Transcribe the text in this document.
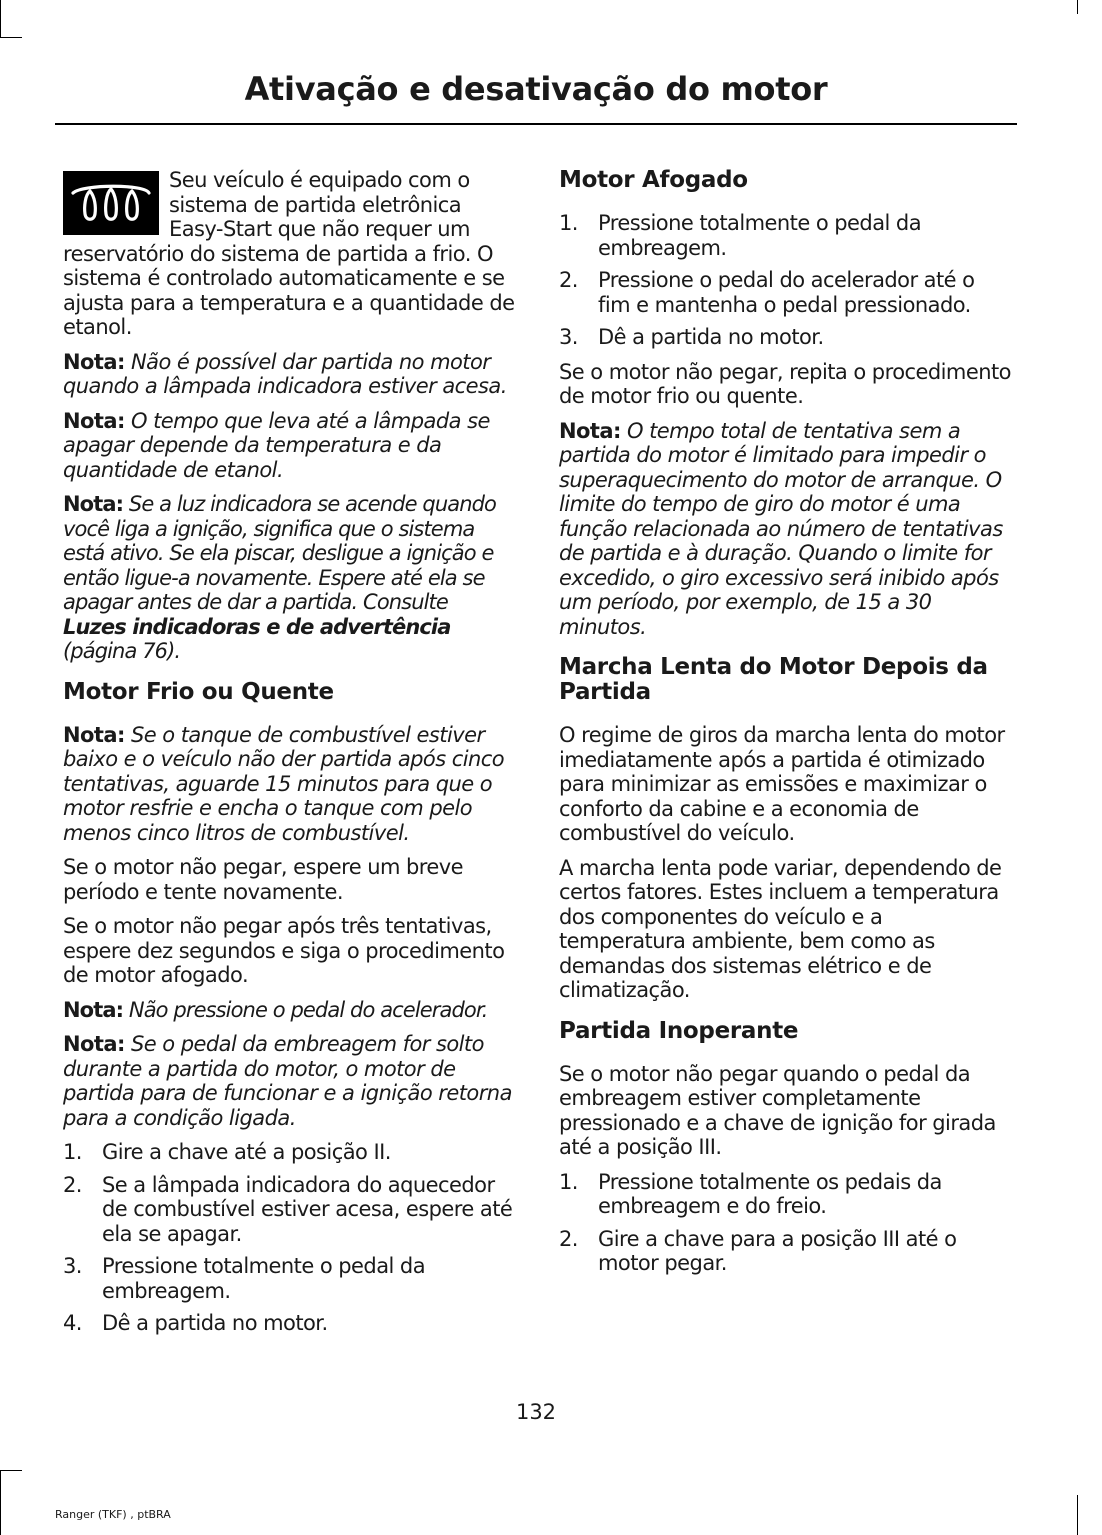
Ativação e desativação do motor

Seu veículo é equipado com o sistema de partida eletrônica Easy-Start que não requer um reservatório do sistema de partida a frio. O sistema é controlado automaticamente e se ajusta para a temperatura e a quantidade de etanol.

Nota: Não é possível dar partida no motor quando a lâmpada indicadora estiver acesa.

Nota: O tempo que leva até a lâmpada se apagar depende da temperatura e da quantidade de etanol.

Nota: Se a luz indicadora se acende quando você liga a ignição, significa que o sistema está ativo. Se ela piscar, desligue a ignição e então ligue-a novamente. Espere até ela se apagar antes de dar a partida. Consulte
Luzes indicadoras e de advertência
(página 76).

Motor Frio ou Quente

Nota: Se o tanque de combustível estiver baixo e o veículo não der partida após cinco tentativas, aguarde 15 minutos para que o motor resfrie e encha o tanque com pelo menos cinco litros de combustível.

Se o motor não pegar, espere um breve período e tente novamente.

Se o motor não pegar após três tentativas, espere dez segundos e siga o procedimento de motor afogado.

Nota: Não pressione o pedal do acelerador.

Nota: Se o pedal da embreagem for solto durante a partida do motor, o motor de partida para de funcionar e a ignição retorna para a condição ligada.

1. Gire a chave até a posição II.
2. Se a lâmpada indicadora do aquecedor de combustível estiver acesa, espere até ela se apagar.
3. Pressione totalmente o pedal da embreagem.
4. Dê a partida no motor.
Motor Afogado
1. Pressione totalmente o pedal da embreagem.
2. Pressione o pedal do acelerador até o fim e mantenha o pedal pressionado.
3. Dê a partida no motor.

Se o motor não pegar, repita o procedimento de motor frio ou quente.

Nota: O tempo total de tentativa sem a partida do motor é limitado para impedir o superaquecimento do motor de arranque. O limite do tempo de giro do motor é uma função relacionada ao número de tentativas de partida e à duração. Quando o limite for excedido, o giro excessivo será inibido após um período, por exemplo, de 15 a 30 minutos.

Marcha Lenta do Motor Depois da Partida

O regime de giros da marcha lenta do motor imediatamente após a partida é otimizado para minimizar as emissões e maximizar o conforto da cabine e a economia de combustível do veículo.

A marcha lenta pode variar, dependendo de certos fatores. Estes incluem a temperatura dos componentes do veículo e a temperatura ambiente, bem como as demandas dos sistemas elétrico e de climatização.

Partida Inoperante

Se o motor não pegar quando o pedal da embreagem estiver completamente pressionado e a chave de ignição for girada até a posição III.

1. Pressione totalmente os pedais da embreagem e do freio.
2. Gire a chave para a posição III até o motor pegar.
132
Ranger (TKF) , ptBRA
